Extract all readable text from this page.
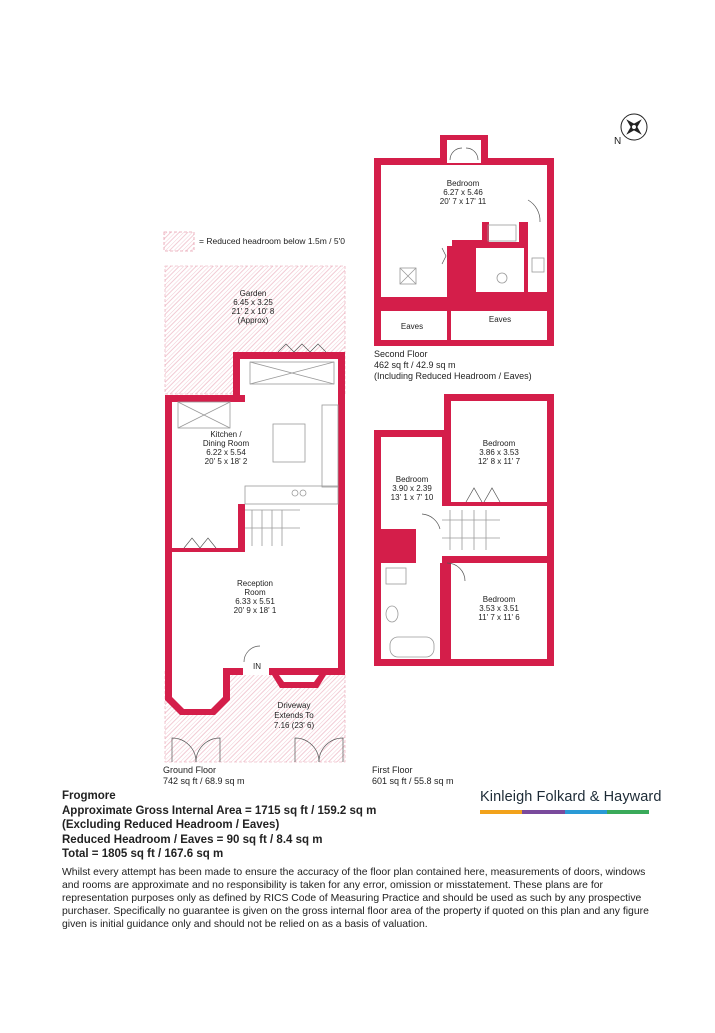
= Reduced headroom below 1.5m / 5'0
Garden
6.45 x 3.25
21' 2 x 10' 8
(Approx)
Kitchen /
Dining Room
6.22 x 5.54
20' 5 x 18' 2
Reception
Room
6.33 x 5.51
20' 9 x 18' 1
IN
Driveway
Extends To
7.16 (23' 6)
Bedroom
6.27 x 5.46
20' 7 x 17' 11
Eaves
Eaves
Bedroom
3.86 x 3.53
12' 8 x 11' 7
Bedroom
3.90 x 2.39
13' 1 x 7' 10
Bedroom
3.53 x 3.51
11' 7 x 11' 6
N
Second Floor
462 sq ft / 42.9 sq m
(Including Reduced Headroom / Eaves)
Ground Floor
742 sq ft / 68.9 sq m
First Floor
601 sq ft / 55.8 sq m
Frogmore
Approximate Gross Internal Area = 1715 sq ft / 159.2 sq m
(Excluding Reduced Headroom / Eaves)
Reduced Headroom / Eaves = 90 sq ft / 8.4 sq m
Total = 1805 sq ft / 167.6 sq m
Kinleigh Folkard & Hayward
Whilst every attempt has been made to ensure the accuracy of the floor plan contained here, measurements of doors, windows and rooms are approximate and no responsibility is taken for any error, omission or misstatement. These plans are for representation purposes only as defined by RICS Code of Measuring Practice and should be used as such by any prospective purchaser. Specifically no guarantee is given on the gross internal floor area of the property if quoted on this plan and any figure given is initial guidance only and should not be relied on as a basis of valuation.
